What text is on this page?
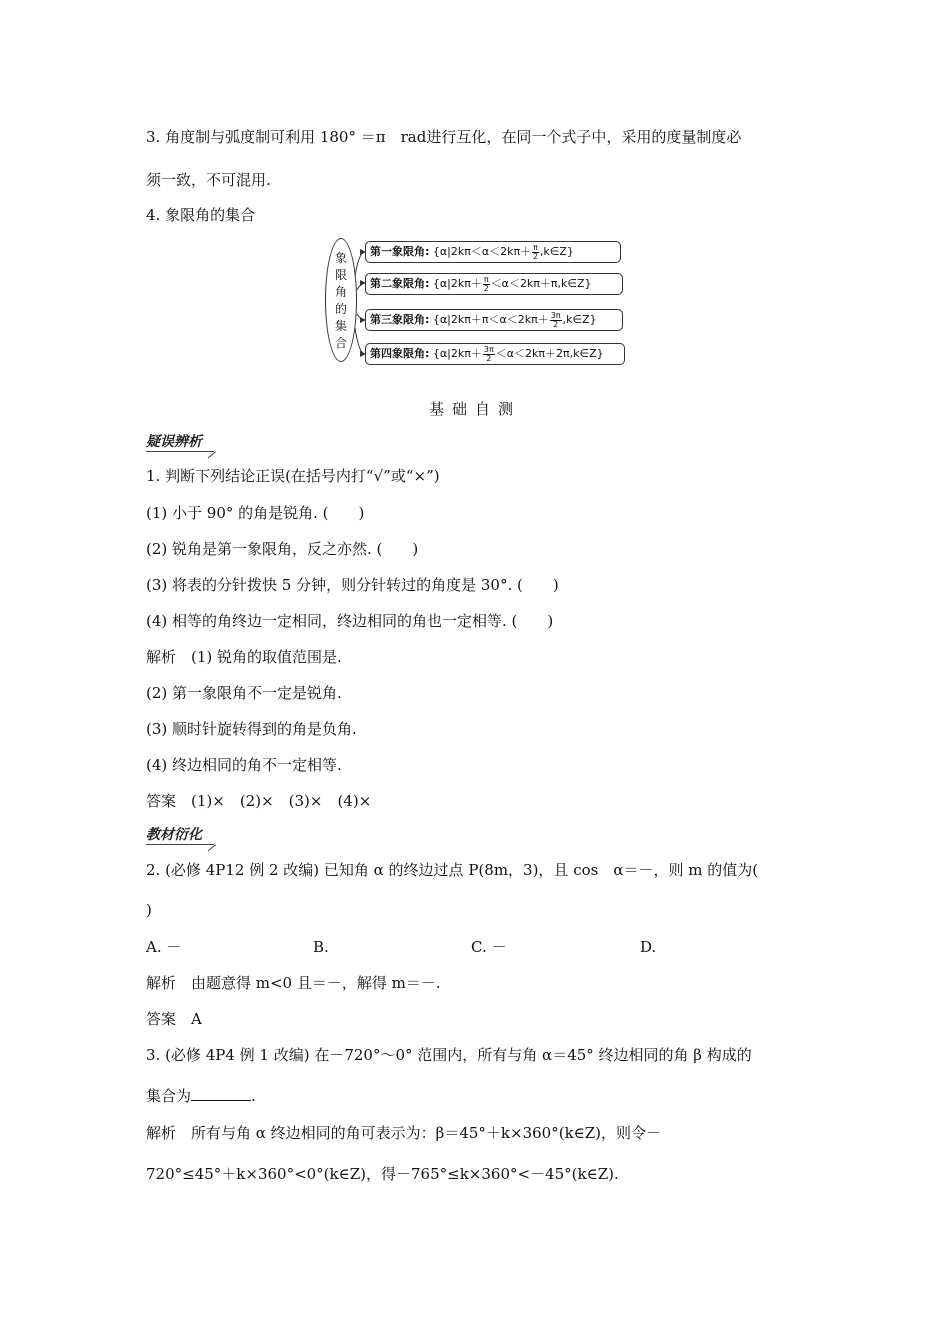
3. 角度制与弧度制可利用 180° ＝π　rad进行互化，在同一个式子中，采用的度量制度必
须一致，不可混用.
4. 象限角的集合
象
限
角
的
集
合
第一象限角: {$\alpha|2k\pi<\alpha<2k\pi+ \frac{\pi}{2}$ ,k∈Z}
第二象限角: {$\alpha|2k\pi+ \frac{\pi}{2}$ ＜α＜2kπ＋π,k∈Z}
第三象限角: {$\alpha|2k\pi+\pi<\alpha<2k\pi+ \frac{3\pi}{2}$ ,k∈Z}
第四象限角: {$\alpha|2k\pi+ \frac{3\pi}{2}$ ＜α＜2kπ＋2π,k∈Z}
基础自测
疑误辨析
1. 判断下列结论正误(在括号内打“√”或“×”)
(1) 小于 90° 的角是锐角. (　　)
(2) 锐角是第一象限角，反之亦然. (　　)
(3) 将表的分针拨快 5 分钟，则分针转过的角度是 30°. (　　)
(4) 相等的角终边一定相同，终边相同的角也一定相等. (　　)
解析　(1) 锐角的取值范围是.
(2) 第一象限角不一定是锐角.
(3) 顺时针旋转得到的角是负角.
(4) 终边相同的角不一定相等.
答案　(1)×　(2)×　(3)×　(4)×
教材衍化
2. (必修 4P12 例 2 改编) 已知角 α 的终边过点 P(8m，3)，且 cos　α＝－，则 m 的值为(
)
A. －	B.	C. －	D.
解析　由题意得 m<0 且＝－，解得 m＝－.
答案　A
3. (必修 4P4 例 1 改编) 在－720°～0° 范围内，所有与角 α＝45° 终边相同的角 β 构成的
集合为	.
解析　所有与角 α 终边相同的角可表示为：β＝45°＋k×360°(k∈Z)，则令－
720°≤45°＋k×360°<0°(k∈Z)，得－765°≤k×360°<－45°(k∈Z).
